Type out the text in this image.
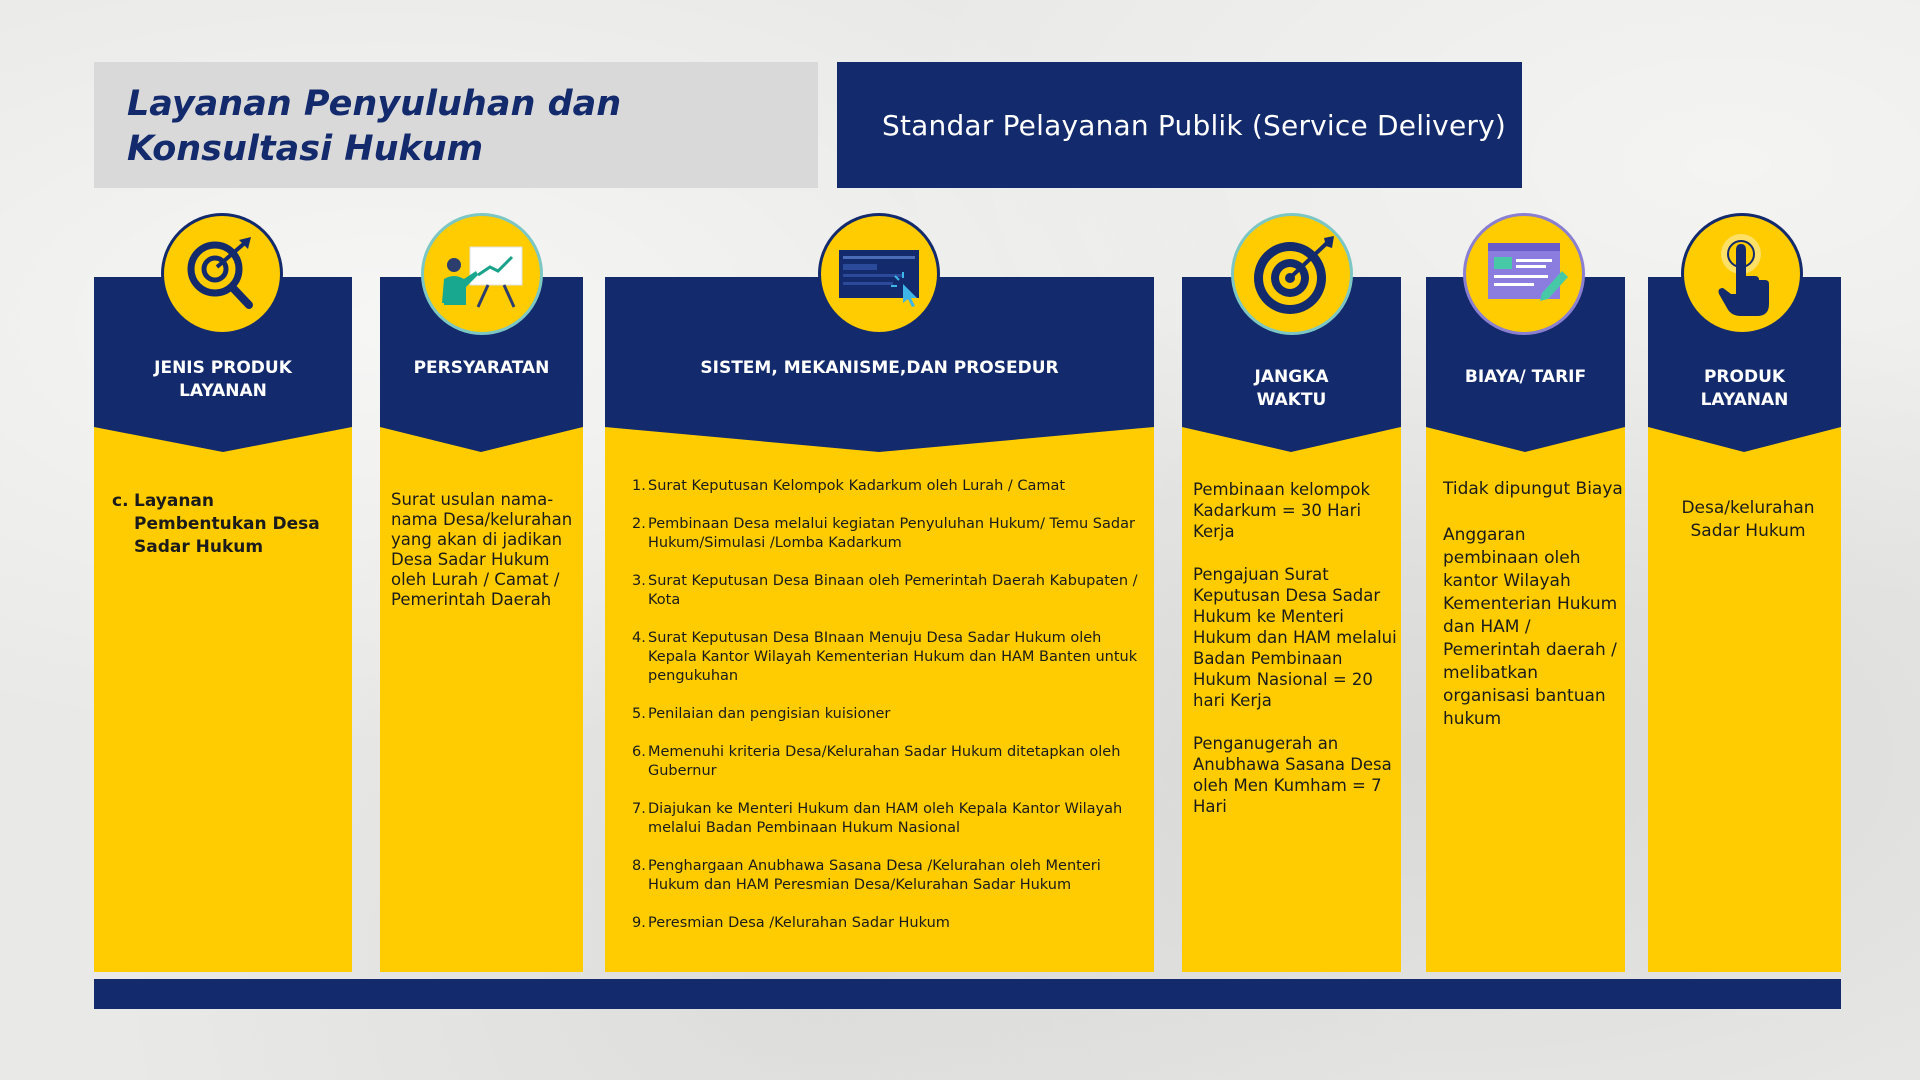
Layanan Penyuluhan dan Konsultasi Hukum
Standar Pelayanan Publik (Service Delivery)
JENIS PRODUK LAYANAN
c. Layanan Pembentukan Desa Sadar Hukum
PERSYARATAN
Surat usulan nama-nama Desa/kelurahan yang akan di jadikan Desa Sadar Hukum oleh Lurah / Camat / Pemerintah Daerah
SISTEM, MEKANISME,DAN PROSEDUR
1. Surat Keputusan Kelompok Kadarkum oleh Lurah / Camat
2. Pembinaan Desa melalui kegiatan Penyuluhan Hukum/ Temu Sadar Hukum/Simulasi /Lomba Kadarkum
3. Surat Keputusan Desa Binaan oleh Pemerintah Daerah Kabupaten / Kota
4. Surat Keputusan Desa BInaan Menuju Desa Sadar Hukum oleh Kepala Kantor Wilayah Kementerian Hukum dan HAM Banten untuk pengukuhan
5. Penilaian dan pengisian kuisioner
6. Memenuhi kriteria Desa/Kelurahan Sadar Hukum ditetapkan oleh Gubernur
7. Diajukan ke Menteri Hukum dan HAM oleh Kepala Kantor Wilayah melalui Badan Pembinaan Hukum Nasional
8. Penghargaan Anubhawa Sasana Desa /Kelurahan oleh Menteri Hukum dan HAM Peresmian Desa/Kelurahan Sadar Hukum
9. Peresmian Desa /Kelurahan Sadar Hukum
JANGKA
WAKTU

Pembinaan kelompok Kadarkum = 30 Hari Kerja

Pengajuan Surat Keputusan Desa Sadar Hukum ke Menteri Hukum dan HAM melalui Badan Pembinaan Hukum Nasional = 20 hari Kerja

Penganugerah an Anubhawa Sasana Desa oleh Men Kumham = 7 Hari

BIAYA/ TARIF

Tidak dipungut Biaya

Anggaran pembinaan oleh kantor Wilayah Kementerian Hukum dan HAM / Pemerintah daerah / melibatkan organisasi bantuan hukum

PRODUK
LAYANAN
Desa/kelurahan Sadar Hukum
